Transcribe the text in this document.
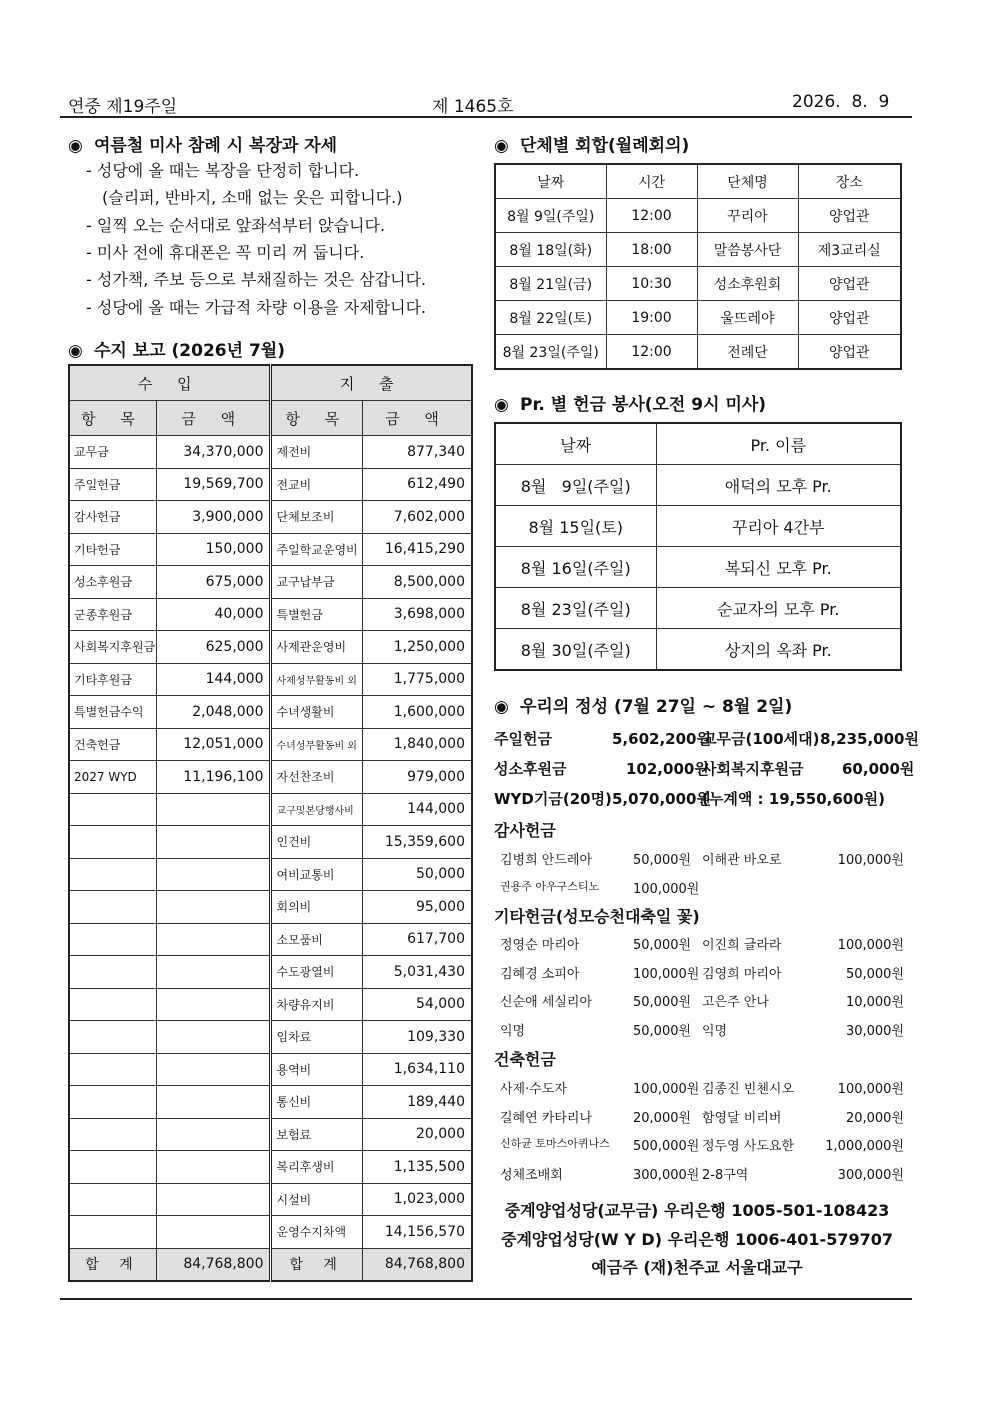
연중 제19주일	제 1465호	2026.  8.  9
◉ 여름철 미사 참례 시 복장과 자세
- 성당에 올 때는 복장을 단정히 합니다.
(슬리퍼, 반바지, 소매 없는 옷은 피합니다.)
- 일찍 오는 순서대로 앞좌석부터 앉습니다.
- 미사 전에 휴대폰은 꼭 미리 꺼 둡니다.
- 성가책, 주보 등으로 부채질하는 것은 삼갑니다.
- 성당에 올 때는 가급적 차량 이용을 자제합니다.
◉ 수지 보고 (2026년 7월)
수 입		지 출	
항 목	금 액	항 목	금 액
교무금	34,370,000	제전비	877,340
주일헌금	19,569,700	전교비	612,490
감사헌금	3,900,000	단체보조비	7,602,000
기타헌금	150,000	주일학교운영비	16,415,290
성소후원금	675,000	교구납부금	8,500,000
군종후원금	40,000	특별헌금	3,698,000
사회복지후원금	625,000	사제관운영비	1,250,000
기타후원금	144,000	사제성무활동비 외	1,775,000
특별헌금수익	2,048,000	수녀생활비	1,600,000
건축헌금	12,051,000	수녀성무활동비 외	1,840,000
2027 WYD	11,196,100	자선찬조비	979,000
		교구및본당행사비	144,000
		인건비	15,359,600
		여비교통비	50,000
		회의비	95,000
		소모품비	617,700
		수도광열비	5,031,430
		차량유지비	54,000
		임차료	109,330
		용역비	1,634,110
		통신비	189,440
		보험료	20,000
		복리후생비	1,135,500
		시설비	1,023,000
		운영수지차액	14,156,570
합 계	84,768,800	합 계	84,768,800
◉ 단체별 회합(월례회의)
날짜	시간	단체명	장소
8월 9일(주일)	12:00	꾸리아	양업관
8월 18일(화)	18:00	말씀봉사단	제3교리실
8월 21일(금)	10:30	성소후원회	양업관
8월 22일(토)	19:00	울뜨레야	양업관
8월 23일(주일)	12:00	전례단	양업관
◉ Pr. 별 헌금 봉사(오전 9시 미사)
날짜	Pr. 이름
8월   9일(주일)	애덕의 모후 Pr.
8월 15일(토)	꾸리아 4간부
8월 16일(주일)	복되신 모후 Pr.
8월 23일(주일)	순교자의 모후 Pr.
8월 30일(주일)	상지의 옥좌 Pr.
◉ 우리의 정성 (7월 27일 ~ 8월 2일)
주일헌금	5,602,200원
교무금(100세대) 8,235,000원
성소후원금	102,000원
사회복지후원금	60,000원
WYD기금(20명) 5,070,000원
(누계액 : 19,550,600원)
감사헌금
김병희 안드레아	50,000원 이해관 바오로	100,000원
권용주 아우구스티노	100,000원
기타헌금(성모승천대축일 꽃)
정영순 마리아	50,000원 이진희 글라라	100,000원
김혜경 소피아	100,000원 김영희 마리아	50,000원
신순애 세실리아	50,000원 고은주 안나	10,000원
익명	50,000원 익명	30,000원
건축헌금
사제·수도자	100,000원 김종진 빈첸시오	100,000원
길혜연 카타리나	20,000원 함영달 비리버	20,000원
신하균 토마스아퀴나스 500,000원 정두영 사도요한 1,000,000원
성체조배회	300,000원 2-8구역	300,000원
중계양업성당(교무금) 우리은행 1005-501-108423
중계양업성당(W Y D) 우리은행 1006-401-579707
예금주 (재)천주교 서울대교구
